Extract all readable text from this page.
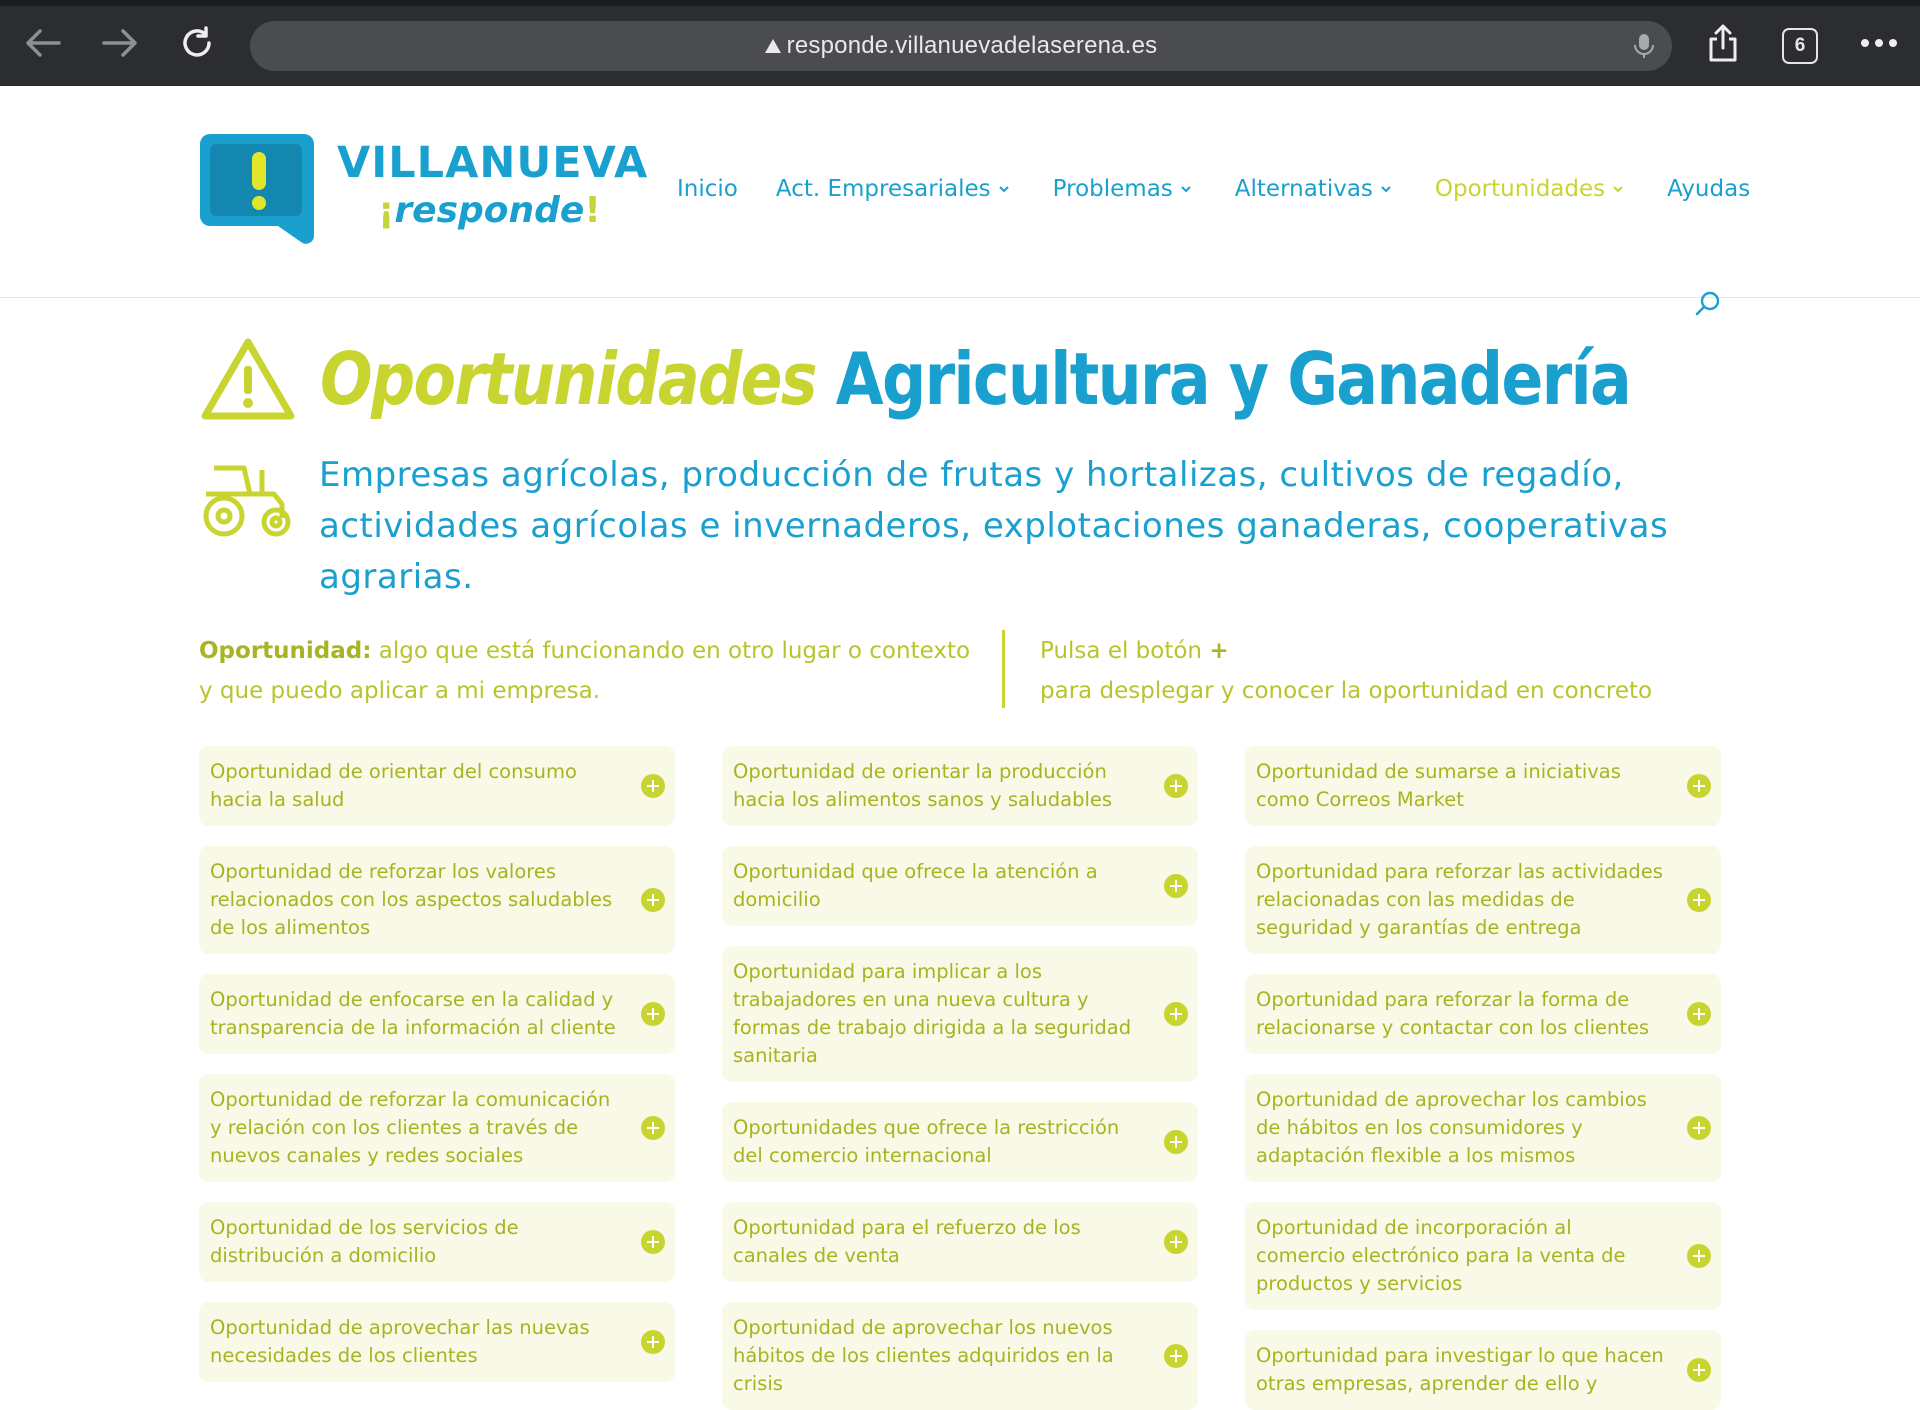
responde.villanuevadelaserena.es	6
VILLANUEVA
¡responde!
Inicio Act. Empresariales	Problemas	Alternativas	Oportunidades	Ayudas
Oportunidades Agricultura y Ganadería

Empresas agrícolas, producción de frutas y hortalizas, cultivos de regadío, actividades agrícolas e invernaderos, explotaciones ganaderas, cooperativas agrarias.

Oportunidad: algo que está funcionando en otro lugar o contexto y que puedo aplicar a mi empresa.

Pulsa el botón +
para desplegar y conocer la oportunidad en concreto

Oportunidad de orientar del consumo hacia la salud
Oportunidad de reforzar los valores relacionados con los aspectos saludables de los alimentos
Oportunidad de enfocarse en la calidad y transparencia de la información al cliente
Oportunidad de reforzar la comunicación y relación con los clientes a través de nuevos canales y redes sociales
Oportunidad de los servicios de distribución a domicilio
Oportunidad de aprovechar las nuevas necesidades de los clientes
Oportunidad de orientar la producción hacia los alimentos sanos y saludables
Oportunidad que ofrece la atención a domicilio
Oportunidad para implicar a los trabajadores en una nueva cultura y formas de trabajo dirigida a la seguridad sanitaria
Oportunidades que ofrece la restricción del comercio internacional
Oportunidad para el refuerzo de los canales de venta
Oportunidad de aprovechar los nuevos hábitos de los clientes adquiridos en la crisis
Oportunidad de sumarse a iniciativas como Correos Market
Oportunidad para reforzar las actividades relacionadas con las medidas de seguridad y garantías de entrega
Oportunidad para reforzar la forma de relacionarse y contactar con los clientes
Oportunidad de aprovechar los cambios de hábitos en los consumidores y adaptación flexible a los mismos
Oportunidad de incorporación al comercio electrónico para la venta de productos y servicios
Oportunidad para investigar lo que hacen otras empresas, aprender de ello y
